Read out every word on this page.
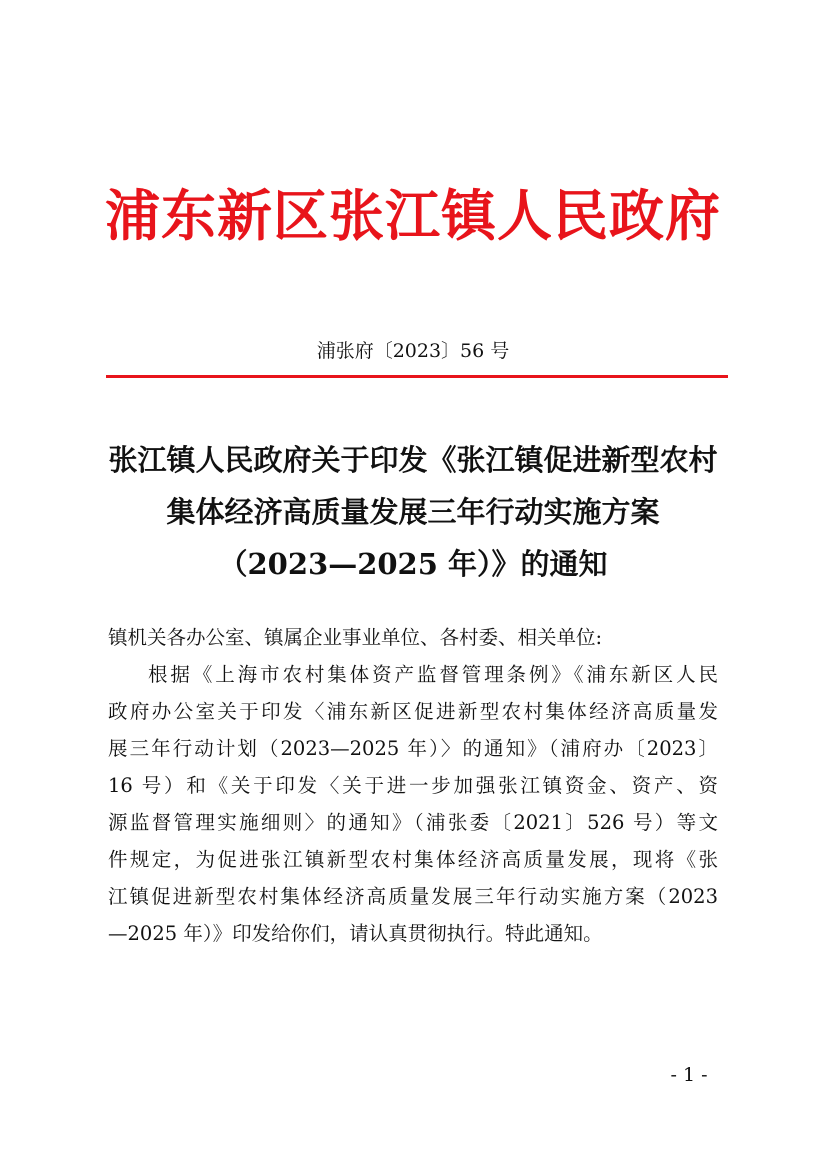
浦东新区张江镇人民政府
浦张府〔2023〕56 号
张江镇人民政府关于印发《张江镇促进新型农村
集体经济高质量发展三年行动实施方案
（2023—2025 年）》的通知
镇机关各办公室、镇属企业事业单位、各村委、相关单位:
根据《上海市农村集体资产监督管理条例》《浦东新区人民
政府办公室关于印发〈浦东新区促进新型农村集体经济高质量发
展三年行动计划（2023—2025 年）〉的通知》（浦府办〔2023〕
16 号）和《关于印发〈关于进一步加强张江镇资金、资产、资
源监督管理实施细则〉的通知》（浦张委〔2021〕526 号）等文
件规定，为促进张江镇新型农村集体经济高质量发展，现将《张
江镇促进新型农村集体经济高质量发展三年行动实施方案（2023
—2025 年）》印发给你们，请认真贯彻执行。特此通知。
- 1 -
